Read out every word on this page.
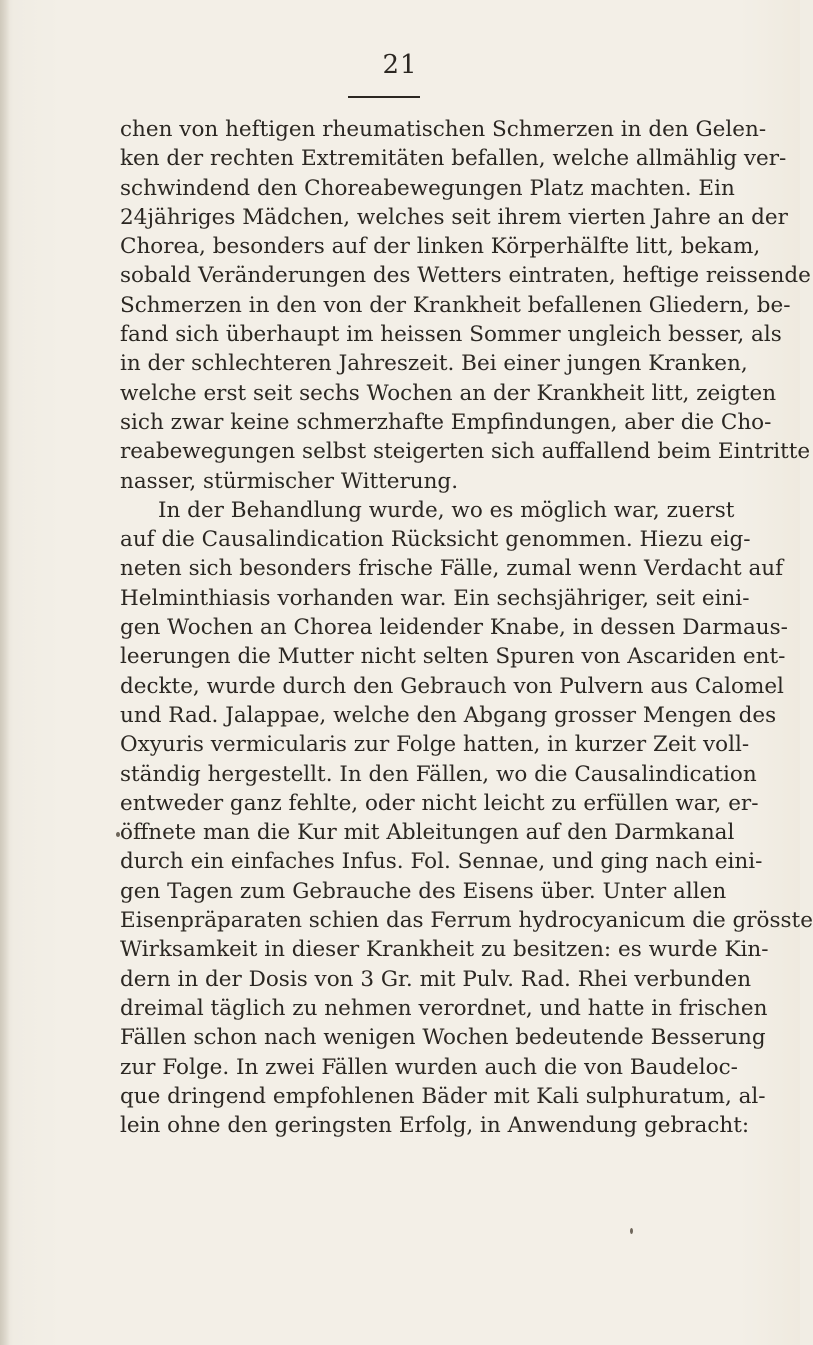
21
chen von heftigen rheumatischen Schmerzen in den Gelen-
ken der rechten Extremitäten befallen, welche allmählig ver-
schwindend den Choreabewegungen Platz machten. Ein
24jähriges Mädchen, welches seit ihrem vierten Jahre an der
Chorea, besonders auf der linken Körperhälfte litt, bekam,
sobald Veränderungen des Wetters eintraten, heftige reissende
Schmerzen in den von der Krankheit befallenen Gliedern, be-
fand sich überhaupt im heissen Sommer ungleich besser, als
in der schlechteren Jahreszeit. Bei einer jungen Kranken,
welche erst seit sechs Wochen an der Krankheit litt, zeigten
sich zwar keine schmerzhafte Empfindungen, aber die Cho-
reabewegungen selbst steigerten sich auffallend beim Eintritte
nasser, stürmischer Witterung.
In der Behandlung wurde, wo es möglich war, zuerst
auf die Causalindication Rücksicht genommen. Hiezu eig-
neten sich besonders frische Fälle, zumal wenn Verdacht auf
Helminthiasis vorhanden war. Ein sechsjähriger, seit eini-
gen Wochen an Chorea leidender Knabe, in dessen Darmaus-
leerungen die Mutter nicht selten Spuren von Ascariden ent-
deckte, wurde durch den Gebrauch von Pulvern aus Calomel
und Rad. Jalappae, welche den Abgang grosser Mengen des
Oxyuris vermicularis zur Folge hatten, in kurzer Zeit voll-
ständig hergestellt. In den Fällen, wo die Causalindication
entweder ganz fehlte, oder nicht leicht zu erfüllen war, er-
öffnete man die Kur mit Ableitungen auf den Darmkanal
durch ein einfaches Infus. Fol. Sennae, und ging nach eini-
gen Tagen zum Gebrauche des Eisens über. Unter allen
Eisenpräparaten schien das Ferrum hydrocyanicum die grösste
Wirksamkeit in dieser Krankheit zu besitzen: es wurde Kin-
dern in der Dosis von 3 Gr. mit Pulv. Rad. Rhei verbunden
dreimal täglich zu nehmen verordnet, und hatte in frischen
Fällen schon nach wenigen Wochen bedeutende Besserung
zur Folge. In zwei Fällen wurden auch die von Baudeloc-
que dringend empfohlenen Bäder mit Kali sulphuratum, al-
lein ohne den geringsten Erfolg, in Anwendung gebracht:
